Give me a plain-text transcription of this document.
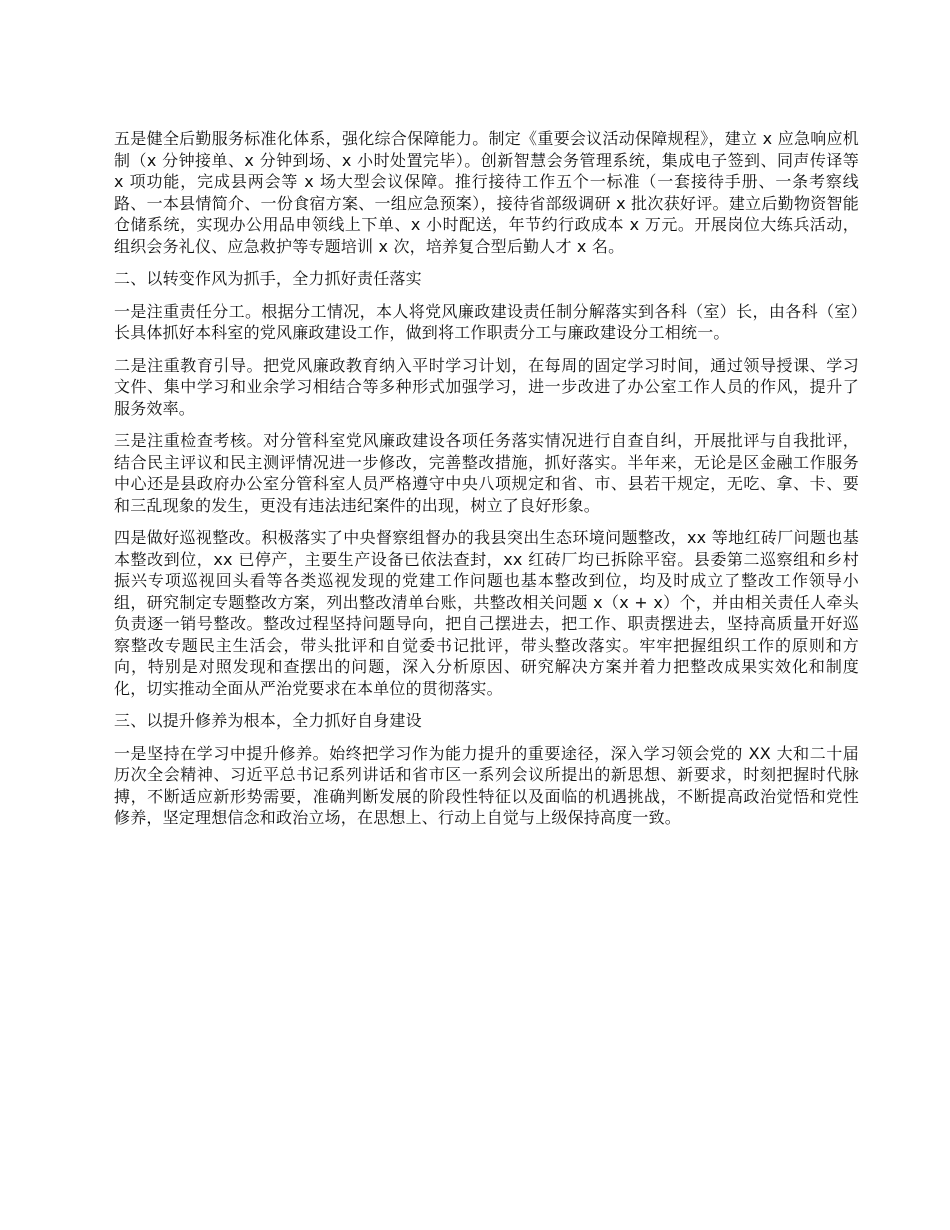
五是健全后勤服务标准化体系，强化综合保障能力。制定《重要会议活动保障规程》，建立 x 应急响应机制（x 分钟接单、x 分钟到场、x 小时处置完毕）。创新智慧会务管理系统，集成电子签到、同声传译等 x 项功能，完成县两会等 x 场大型会议保障。推行接待工作五个一标准（一套接待手册、一条考察线路、一本县情简介、一份食宿方案、一组应急预案），接待省部级调研 x 批次获好评。建立后勤物资智能仓储系统，实现办公用品申领线上下单、x 小时配送，年节约行政成本 x 万元。开展岗位大练兵活动，组织会务礼仪、应急救护等专题培训 x 次，培养复合型后勤人才 x 名。

二、以转变作风为抓手，全力抓好责任落实

一是注重责任分工。根据分工情况，本人将党风廉政建设责任制分解落实到各科（室）长，由各科（室）长具体抓好本科室的党风廉政建设工作，做到将工作职责分工与廉政建设分工相统一。

二是注重教育引导。把党风廉政教育纳入平时学习计划，在每周的固定学习时间，通过领导授课、学习文件、集中学习和业余学习相结合等多种形式加强学习，进一步改进了办公室工作人员的作风，提升了服务效率。

三是注重检查考核。对分管科室党风廉政建设各项任务落实情况进行自查自纠，开展批评与自我批评，结合民主评议和民主测评情况进一步修改，完善整改措施，抓好落实。半年来，无论是区金融工作服务中心还是县政府办公室分管科室人员严格遵守中央八项规定和省、市、县若干规定，无吃、拿、卡、要和三乱现象的发生，更没有违法违纪案件的出现，树立了良好形象。

四是做好巡视整改。积极落实了中央督察组督办的我县突出生态环境问题整改，xx 等地红砖厂问题也基本整改到位，xx 已停产，主要生产设备已依法查封，xx 红砖厂均已拆除平窑。县委第二巡察组和乡村振兴专项巡视回头看等各类巡视发现的党建工作问题也基本整改到位，均及时成立了整改工作领导小组，研究制定专题整改方案，列出整改清单台账，共整改相关问题 x（x + x）个，并由相关责任人牵头负责逐一销号整改。整改过程坚持问题导向，把自己摆进去，把工作、职责摆进去，坚持高质量开好巡察整改专题民主生活会，带头批评和自觉委书记批评，带头整改落实。牢牢把握组织工作的原则和方向，特别是对照发现和查摆出的问题，深入分析原因、研究解决方案并着力把整改成果实效化和制度化，切实推动全面从严治党要求在本单位的贯彻落实。

三、以提升修养为根本，全力抓好自身建设

一是坚持在学习中提升修养。始终把学习作为能力提升的重要途径，深入学习领会党的 XX 大和二十届历次全会精神、习近平总书记系列讲话和省市区一系列会议所提出的新思想、新要求，时刻把握时代脉搏，不断适应新形势需要，准确判断发展的阶段性特征以及面临的机遇挑战，不断提高政治觉悟和党性修养，坚定理想信念和政治立场，在思想上、行动上自觉与上级保持高度一致。
